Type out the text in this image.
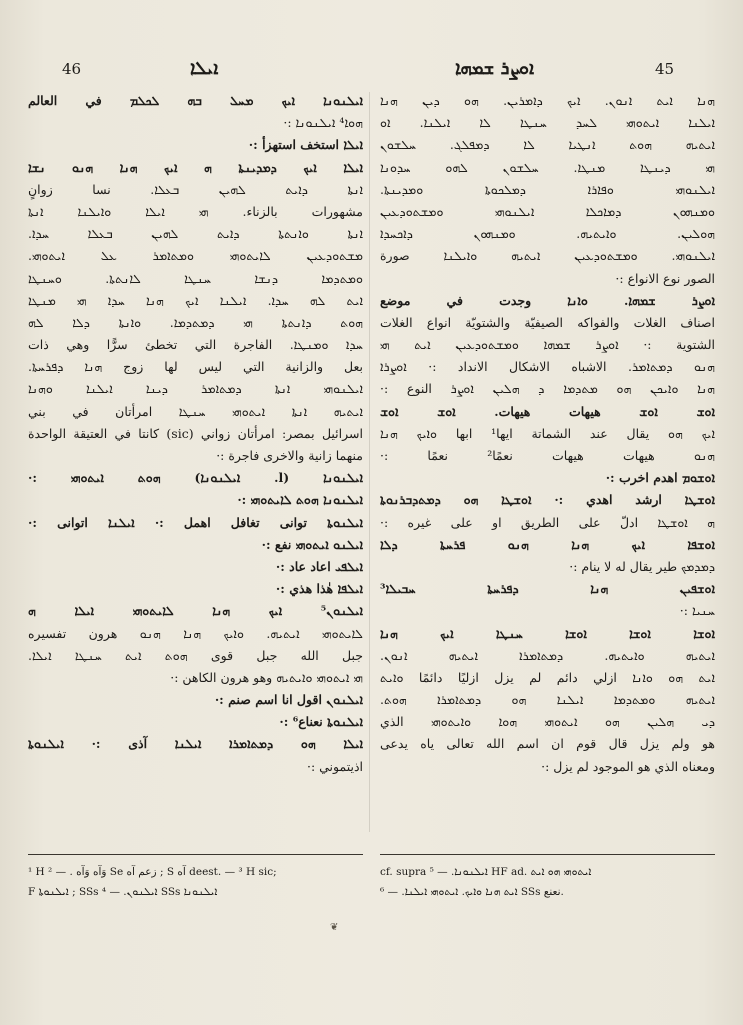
46	ܐܝܠܐ	ܐܘܨܪ ܫܡܗܐ	45
ܗܢܐ ܐܝܬ ܐܢܘܢ. ܐܝܟ ܕܐܡܪܝܢ. ܗܘ ܕܝܢ ܗܢܐ
ܐܝܠܢܐ ܐܝܬܘܗܝ ܠܚܕ ܚܢܛܐ ܠܐ ܐܝܠܢܐ. ܐܘ
ܐܝܬܝܗ ܗܘܬ ܐܢܛܝܐ ܠܐ ܕܡܦܠܓ. ܚܠܫܘܢ
ܗܝ ܕܝܢܛܐ ܡܢܛܐ. ܚܠܫܘܢ ܠܗܘ ܚܕܘܢܐ
ܐܝܠܢܘܗܝ ܘܦܐܪܐ ܕܡܠܟܘܬܐ ܘܡܕܝܢܬܐ.
ܘܡܢܗܘܢ ܕܡܐܟܠܐ ܐܝܠܢܘܗܝ ܘܡܫܬܘܕܥܝܢ
ܗܘܠܝܢ. ܘܐܝܬܝܗ. ܘܡܢܗܘܢ ܕܐܟܚܕܐ
ܐܝܠܢܘܗܝ. ܘܡܫܬܘܕܥܝܢ ܐܝܬܝܗ ܘܐܝܠܢܐ صورة
الصور نوع الانواع :·
ܐܘܨܪ ܫܡܗܐ. ܘܐܢܐ وجدت في موضع
اصناف الغلات والفواكه الصيفيّة والشتويّة انواع الغلات
الشتوية :· ܐܘܨܪ ܫܡܗܐ ܘܡܫܬܘܕܥܝܢ ܐܝܬ ܗܝ
ܗܢܘ ܕܡܬܐܡܪ. الاشباه الاشكال الانداد :· ܐܘܨܪܐ
ܗܢܐ ܘܐܝܟܢ ܗܘ ܡܬܕܡܐ ܕ ܗܠܝܢ ܐܘܨܪ النوع :·
ܐܘܫ ܐܘܫ هيهات هيهات. ܐܘܫ ܐܘܫ
ܐܝܟ ܗܘ يقال عند الشماتة ايها¹ ابها ܘܐܝܟ ܗܢܐ
ܗܢܘ هيهات هيهات نعمًا² نعمًا :·
ܐܘܫܘܡ اهدم اخرب :·
ܐܘܫܛܐ ارشد اهدي :· ܐܘܫܛܐ ܗܘ ܕܡܬܕܒܪܢܘܬܐ
ܗ ܐܘܫܛܐ ادلّ على الطريق او على غيره :·
ܐܘܫܦܐ ܐܝܟ ܗܢܐ ܗܢܘ ܦܪܚܬܐ ܕܠܐ
ܕܡܕܡܟ طير يقال له لا ينام :·
ܐܘܫܦܝܢ ܗܢܐ ܕܦܪܚܬܐ ܚܒܝܠܐ³
ܚܢܝܐ :·
ܐܘܫܐ ܐܘܫܐ ܐܘܫܐ ܚܢܛܐ ܐܝܟ ܗܢܐ
ܐܝܬܝܗ ܘܐܝܬܝܗ. ܕܡܬܐܡܪܐ ܐܝܬܝܗ ܐܢܘܢ.
ܐܝܬ ܗܘ ܘܐܢܐ ازلي دائم لم يزل ازليًا دائمًا ܘܐܝܬ
ܐܝܬܝܗ ܘܡܬܕܡܐ ܐܝܠܢܐ ܗܘ ܕܡܬܐܡܪܐ ܗܘܬ.
ܕܝ ܗܠܝܢ ܗܘ ܐܝܬܘܗܝ ܗܘܐ ܘܐܝܬܘܗܝ الذي
هو ولم يزل قال قوم ان اسم الله تعالى ياه يدعى
ومعناه الذي هو الموجود لم يزل :·
ܐܝܠܢܘܢܐ ܐܝܟ ܡܚܠ ܒܗ ܠܟܠܡ في العالم
ܗܘܐ⁴ ܐܝܠܢܘܢܐ :·
ܐܝܠܐ استخف استهزأ :·
ܐܝܠܐ ܐܝܟ ܕܡܕܝܢܬܐ ܗ ܐܝܟ ܗܢܐ ܗܢܘ ܢܫܐ
ܐܢܬܐ ܕܐܝܬ ܠܗܝܢ ܒܥܠܐ. نسا زوانٍ
مشهورات بالزناء. ܗܝ ܐܝܠܐ ܘܐܝܠܢܐ ܐܢܬܐ
ܐܢܬܐ ܘܐܢܬܬܐ ܕܐܝܬ ܠܗܝܢ ܒܥܠܐ ܚܕܐ.
ܡܫܬܘܕܥܝܢ ܠܐܝܬܘܗܝ ܘܡܬܐܡܪ ܥܠ ܐܝܬܘܗܝ.
ܘܡܬܕܡܐ ܕܢܫܐ ܚܢܛܐ ܠܐܢܬܬܐ. ܘܚܢܛܐ
ܐܝܬ ܠܗ ܚܕܐ. ܐܝܠܢܐ ܐܝܟ ܗܢܐ ܚܕܐ ܗܝ ܡܢܛܐ
ܗܘܬ ܕܐܢܬܬܐ ܗܝ ܕܡܬܕܡܐ. ܘܐܢܬܐ ܕܠܐ ܠܗ
ܚܕܐ ܘܡܢܛܐ. الفاجرة التي تخطئ سرًّا وهي ذات
بعل والزانية التي ليس لها زوج ܗܢܐ ܕܦܪܚܬܐ.
ܐܝܠܢܘܗܝ ܐܢܬܐ ܕܡܬܐܡܪ ܕܝܢܐ ܐܝܠܢܐ ܘܗܢܐ
ܐܝܬܝܗ ܐܢܬܐ ܐܝܬܘܗܝ ܚܢܛܐ امرأتان في بني
اسرائيل بمصر: امرأتان زواني (sic) كانتا في العتيقة الواحدة
منهما زانية والاخرى فاجرة :·
ܐܝܠܢܘܢܐ (l. ܐܝܠܢܘܢܐ) ܗܘܬ ܐܝܬܘܗܝ :·
ܐܝܠܢܘܢܐ ܗܘܬ ܠܐܝܬܘܗܝ :·
ܐܝܠܢܘܬܐ توانى تغافل اهمل :· ܐܝܠܢܐ اتوانى :·
ܐܝܠܢܘ ܐܝܬܘܗܝ نفع :·
ܐܝܠܦܝ اعاد عاد :·
ܐܝܠܦܐ هٰذا هذي :·
ܐܝܠܢܘܢ⁵ ܐܝܟ ܗܢܐ ܠܐܝܬܘܗܝ ܐܝܠܐ ܗ
ܠܐܝܬܘܗܝ ܐܝܬܝܗ. ܘܐܝܟ ܗܢܐ ܗܢܘ هرون تفسيره
جبل الله جبل قوى ܗܘܬ ܐܝܬ ܚܢܛܐ ܐܝܠܐ.
ܗܝ ܐܝܬܘܗܝ ܘܐܝܬܝܗ وهو هرون الكاهن :·
ܐܝܠܢܘܢ اقول انا اسم صنم :·
ܐܝܠܢܘܬܐ نعناع⁶ :·
ܐܝܠܐ ܗܘ ܕܡܬܐܡܪܐ ܐܝܠܢܐ آذى :· ܐܝܠܢܘܬܐ
اذيتموني :·
¹ H وَآه وَآه . — ² Se زعم آه ; S آه deest. — ³ H sic;
F ܐܝܠܢܘܬܐ ; SSs ܐܝܠܢܘܢ. — ⁴ SSs ܐܝܠܢܘܢܐ
cf. supra ܐܝܠܢܘܢܐ. — ⁵ HF ad. ܐܝܬܘܗܝ ܗܘ ܐܝܬ
ܐܝܬ ܗܢܐ ܘܐܝܟ. ܐܝܬܘܗܝ ܐܝܠܢܐ. — ⁶ SSs نعنع.
❦
